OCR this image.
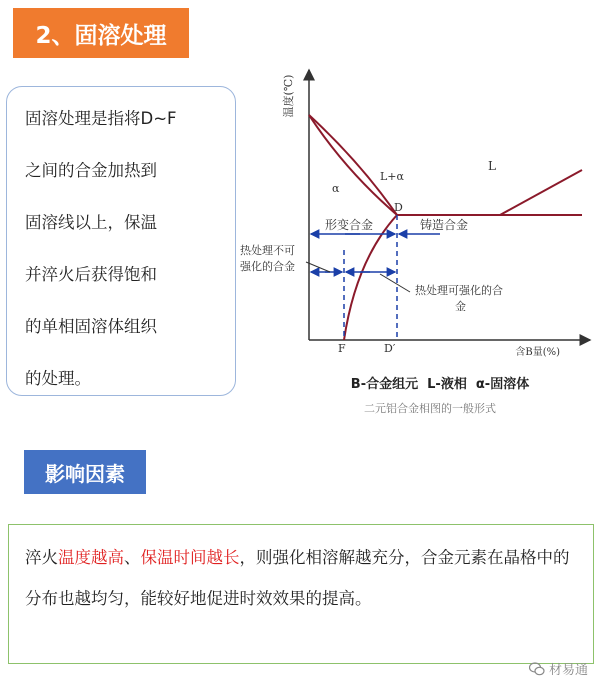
2、固溶处理

固溶处理是指将D~F

之间的合金加热到

固溶线以上，保温

并淬火后获得饱和

的单相固溶体组织

的处理。

温度(℃)
含B量(%)
L
L+α
α
D
F	D′
形变合金	铸造合金
热处理不可
强化的合金
热处理可强化的合
金
B-合金组元  L-液相  α-固溶体
二元铝合金相图的一般形式
影响因素

淬火温度越高、保温时间越长，则强化相溶解越充分，合金元素在晶格中的分布也越均匀，能较好地促进时效效果的提高。

材易通
